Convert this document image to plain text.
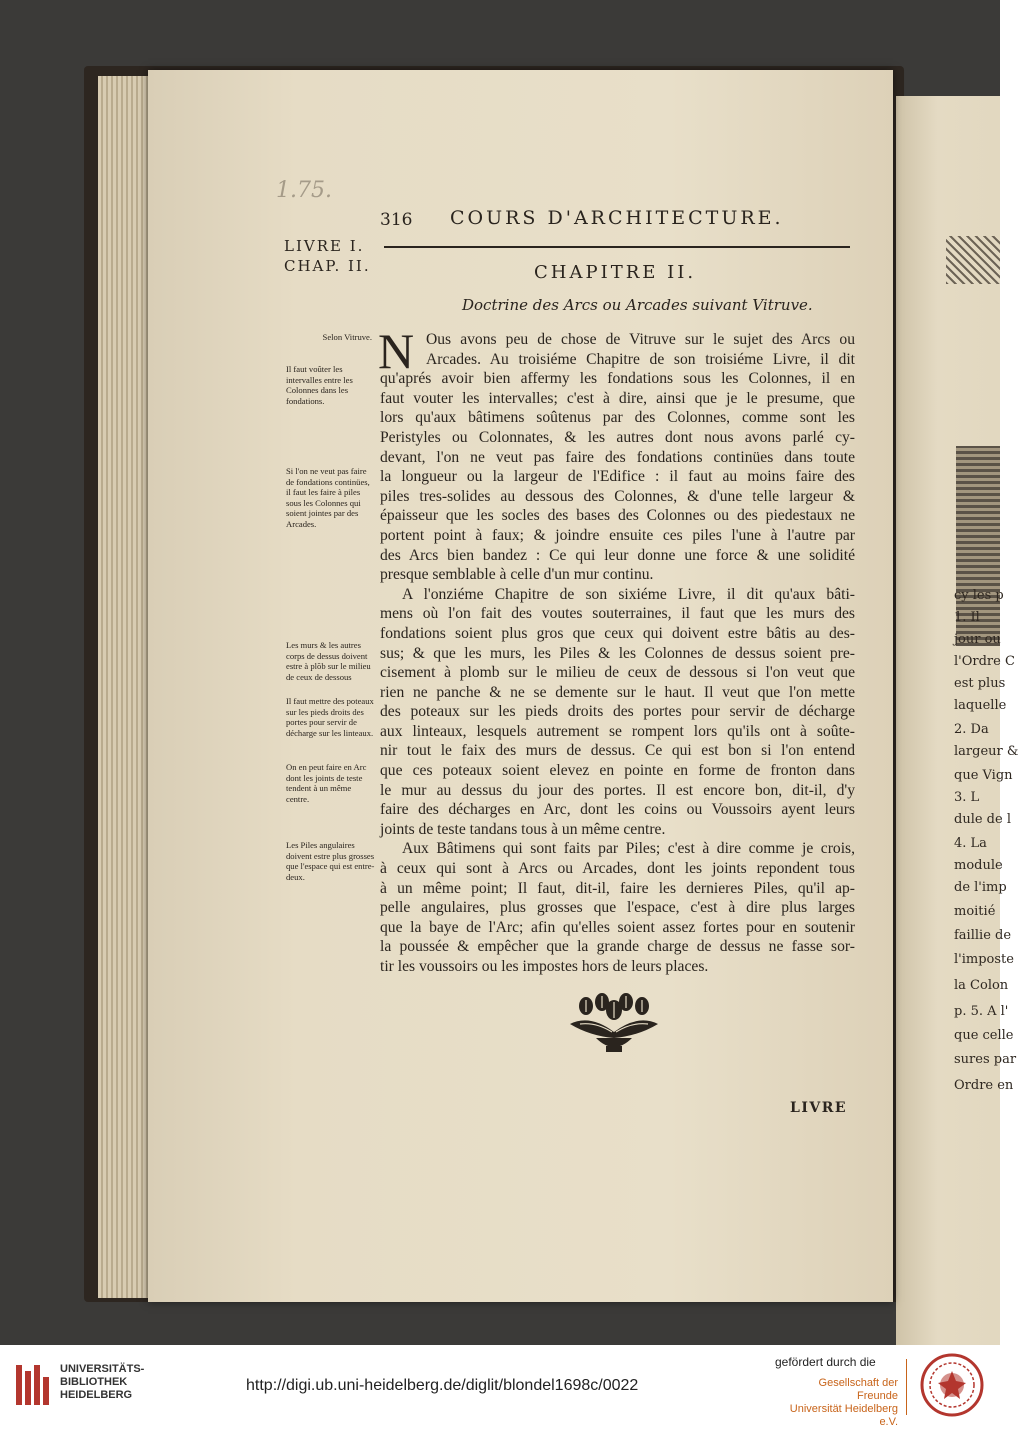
cy les p
1. Il
jour ou
l'Ordre C
est plus
laquelle
2. Da
largeur &
que Vign
3. L
dule de l
4. La
module
de l'imp
moitié
faillie de
l'imposte
la Colon
p. 5. A l'
que celle
sures par
Ordre en
1.75.
316 COURS D'ARCHITECTURE.
LIVRE I.
CHAP. II.	CHAPITRE II.
Doctrine des Arcs ou Arcades suivant Vitruve.
N Ous avons peu de chose de Vitruve sur le sujet des Arcs ou
Arcades. Au troisiéme Chapitre de son troisiéme Livre, il dit
qu'aprés avoir bien affermy les fondations sous les Colonnes, il en
faut vouter les intervalles; c'est à dire, ainsi que je le presume, que
lors qu'aux bâtimens soûtenus par des Colonnes, comme sont les
Peristyles ou Colonnates, & les autres dont nous avons parlé cy-
devant, l'on ne veut pas faire des fondations continües dans toute
la longueur ou la largeur de l'Edifice : il faut au moins faire des
piles tres-solides au dessous des Colonnes, & d'une telle largeur &
épaisseur que les socles des bases des Colonnes ou des piedestaux ne
portent point à faux; & joindre ensuite ces piles l'une à l'autre par
des Arcs bien bandez : Ce qui leur donne une force & une solidité
presque semblable à celle d'un mur continu.
A l'onziéme Chapitre de son sixiéme Livre, il dit qu'aux bâti-
mens où l'on fait des voutes souterraines, il faut que les murs des
fondations soient plus gros que ceux qui doivent estre bâtis au des-
sus; & que les murs, les Piles & les Colonnes de dessus soient pre-
cisement à plomb sur le milieu de ceux de dessous si l'on veut que
rien ne panche & ne se demente sur le haut. Il veut que l'on mette
des poteaux sur les pieds droits des portes pour servir de décharge
aux linteaux, lesquels autrement se rompent lors qu'ils ont à soûte-
nir tout le faix des murs de dessus. Ce qui est bon si l'on entend
que ces poteaux soient elevez en pointe en forme de fronton dans
le mur au dessus du jour des portes. Il est encore bon, dit-il, d'y
faire des décharges en Arc, dont les coins ou Voussoirs ayent leurs
joints de teste tandans tous à un même centre.
Aux Bâtimens qui sont faits par Piles; c'est à dire comme je crois,
à ceux qui sont à Arcs ou Arcades, dont les joints repondent tous
à un même point; Il faut, dit-il, faire les dernieres Piles, qu'il ap-
pelle angulaires, plus grosses que l'espace, c'est à dire plus larges
que la baye de l'Arc; afin qu'elles soient assez fortes pour en soutenir
la poussée & empêcher que la grande charge de dessus ne fasse sor-
tir les voussoirs ou les impostes hors de leurs places.
Selon Vitruve.
Il faut voûter les intervalles entre les Colonnes dans les fondations.
Si l'on ne veut pas faire de fondations continües, il faut les faire à piles sous les Colonnes qui soient jointes par des Arcades.
Les murs & les autres corps de dessus doivent estre à plõb sur le milieu de ceux de dessous
Il faut mettre des poteaux sur les pieds droits des portes pour servir de décharge sur les linteaux.
On en peut faire en Arc dont les joints de teste tendent à un même centre.
Les Piles angulaires doivent estre plus grosses que l'espace qui est entre-deux.
LIVRE
UNIVERSITÄTS-
BIBLIOTHEK
HEIDELBERG
http://digi.ub.uni-heidelberg.de/diglit/blondel1698c/0022
gefördert durch die
Gesellschaft der Freunde
Universität Heidelberg e.V.
